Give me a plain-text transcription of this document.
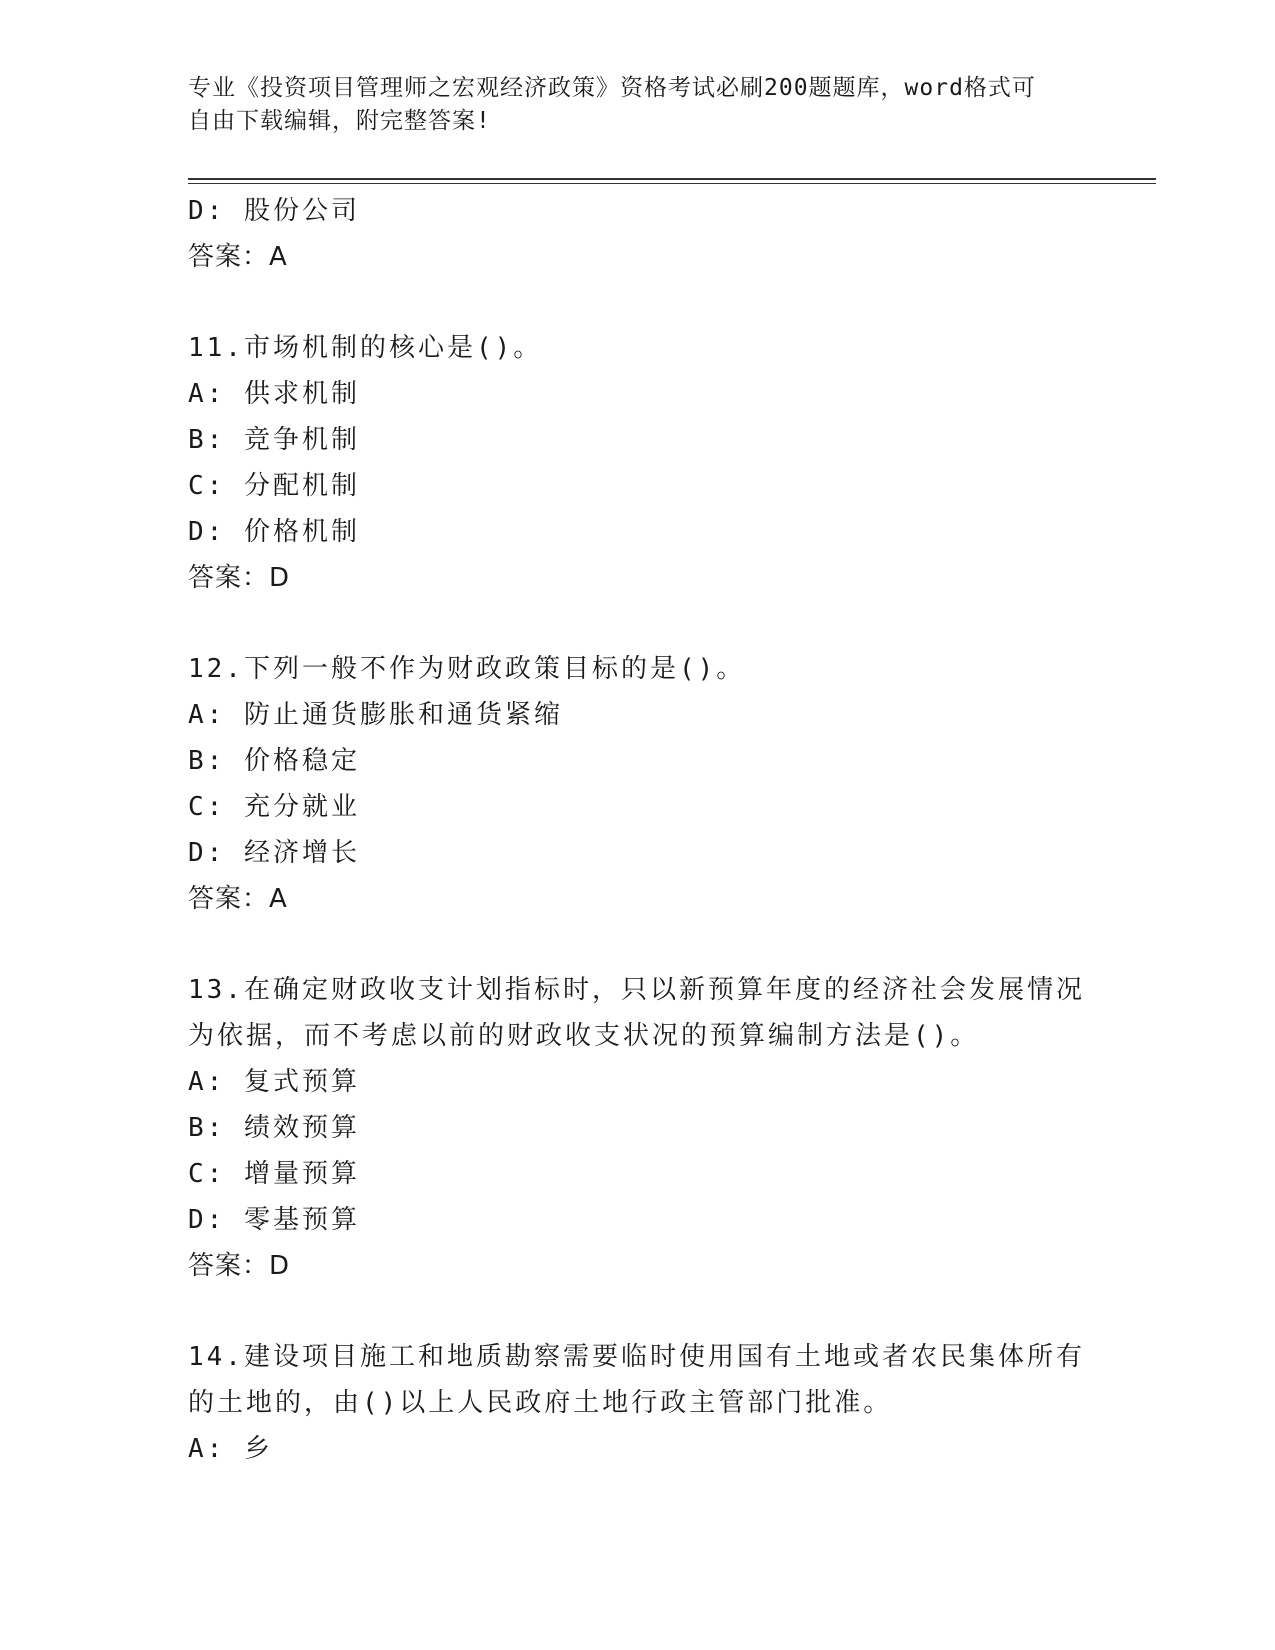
专业《投资项目管理师之宏观经济政策》资格考试必刷200题题库，word格式可
自由下载编辑，附完整答案!
D: 股份公司
答案：A
11.市场机制的核心是()。
A: 供求机制
B: 竞争机制
C: 分配机制
D: 价格机制
答案：D
12.下列一般不作为财政政策目标的是()。
A: 防止通货膨胀和通货紧缩
B: 价格稳定
C: 充分就业
D: 经济增长
答案：A
13.在确定财政收支计划指标时，只以新预算年度的经济社会发展情况
为依据，而不考虑以前的财政收支状况的预算编制方法是()。
A: 复式预算
B: 绩效预算
C: 增量预算
D: 零基预算
答案：D
14.建设项目施工和地质勘察需要临时使用国有土地或者农民集体所有
的土地的，由()以上人民政府土地行政主管部门批准。
A: 乡
